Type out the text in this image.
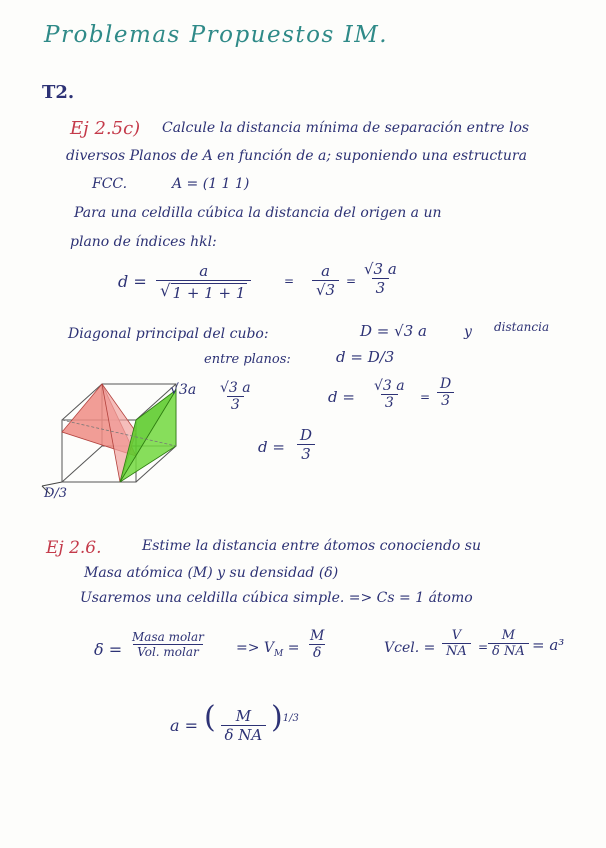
Problemas Propuestos IM.
T2.
Ej 2.5c) Calcule la distancia mínima de separación entre los
diversos Planos de A en función de a; suponiendo una estructura
FCC.	A = (1 1 1)
Para una celdilla cúbica la distancia del origen a un
plano de índices hkl:
$d = \frac{a}{√ 1 + 1 + 1}$	= $\frac{a}{√3} = \frac{√3 a}{3}$
Diagonal principal del cubo:	D = √3 a	y distancia
entre planos:	d = D/3
D/3
$√3a \frac{√3 a}{3}$	$d = \frac{√3 a}{3} = \frac{D}{3}$
$d = \frac{D}{3}$
Ej 2.6.	Estime la distancia entre átomos conociendo su
Masa atómica (M) y su densidad (δ)
Usaremos una celdilla cúbica simple. => Cs = 1 átomo
$\delta = \frac{\text{Masa molar}}{\text{Vol. molar}} => V_M = \frac{M}{\delta}$	Vcel. = $\frac{V}{NA} = \frac{M}{\text{δ NA}} = a^3$
a = ( $\frac{M}{\text{δ NA}} )^{1/3}$
